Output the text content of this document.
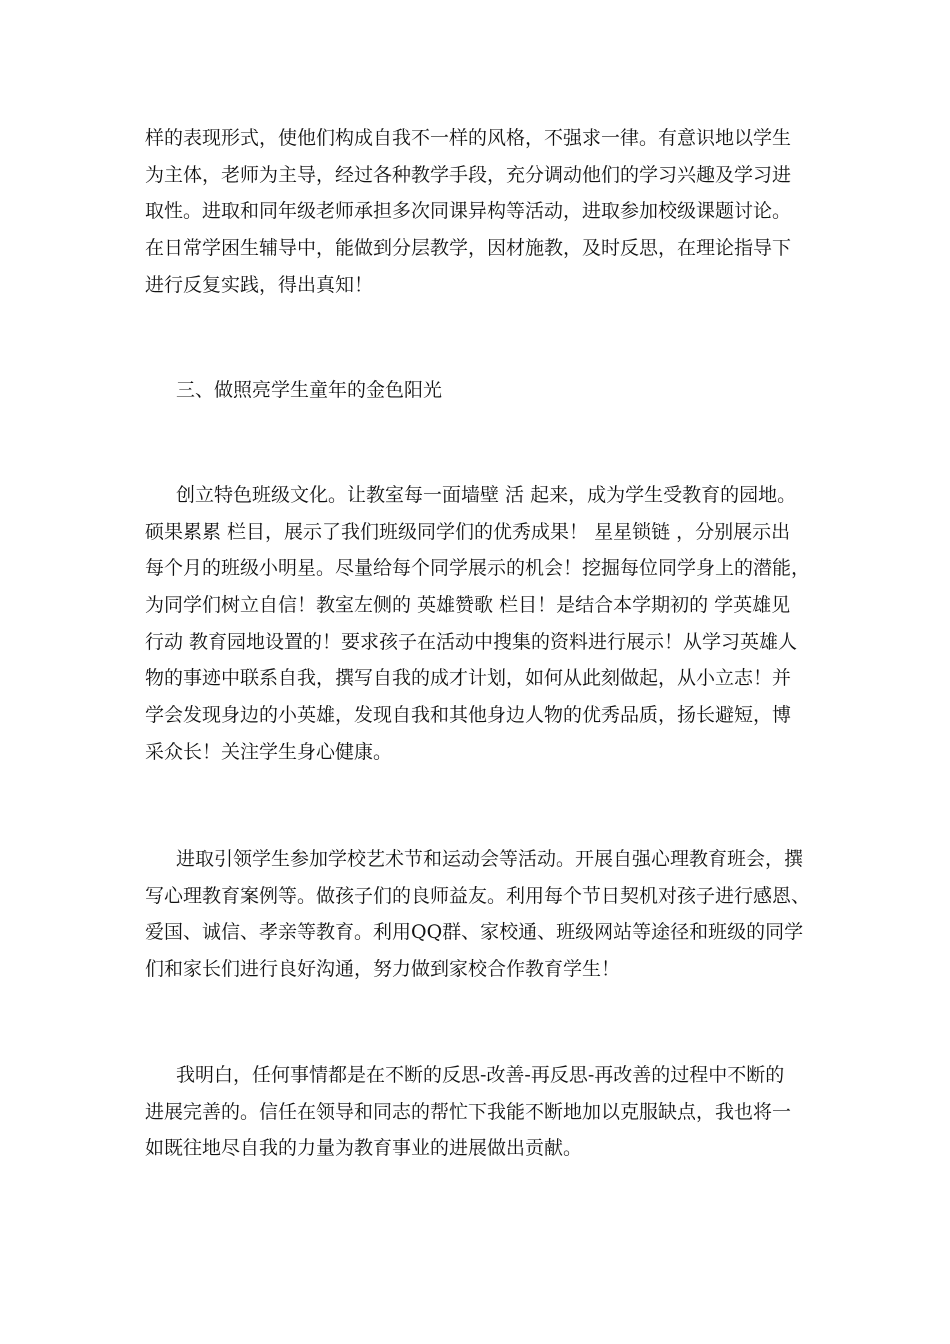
样的表现形式，使他们构成自我不一样的风格，不强求一律。有意识地以学生
为主体，老师为主导，经过各种教学手段，充分调动他们的学习兴趣及学习进
取性。进取和同年级老师承担多次同课异构等活动，进取参加校级课题讨论。
在日常学困生辅导中，能做到分层教学，因材施教，及时反思，在理论指导下
进行反复实践，得出真知！
三、做照亮学生童年的金色阳光
创立特色班级文化。让教室每一面墙壁 活 起来，成为学生受教育的园地。
硕果累累 栏目，展示了我们班级同学们的优秀成果！ 星星锁链 ，分别展示出
每个月的班级小明星。尽量给每个同学展示的机会！挖掘每位同学身上的潜能，
为同学们树立自信！教室左侧的 英雄赞歌 栏目！是结合本学期初的 学英雄见
行动 教育园地设置的！要求孩子在活动中搜集的资料进行展示！从学习英雄人
物的事迹中联系自我，撰写自我的成才计划，如何从此刻做起，从小立志！并
学会发现身边的小英雄，发现自我和其他身边人物的优秀品质，扬长避短，博
采众长！关注学生身心健康。
进取引领学生参加学校艺术节和运动会等活动。开展自强心理教育班会，撰
写心理教育案例等。做孩子们的良师益友。利用每个节日契机对孩子进行感恩、
爱国、诚信、孝亲等教育。利用QQ群、家校通、班级网站等途径和班级的同学
们和家长们进行良好沟通，努力做到家校合作教育学生！
我明白，任何事情都是在不断的反思-改善-再反思-再改善的过程中不断的
进展完善的。信任在领导和同志的帮忙下我能不断地加以克服缺点，我也将一
如既往地尽自我的力量为教育事业的进展做出贡献。
